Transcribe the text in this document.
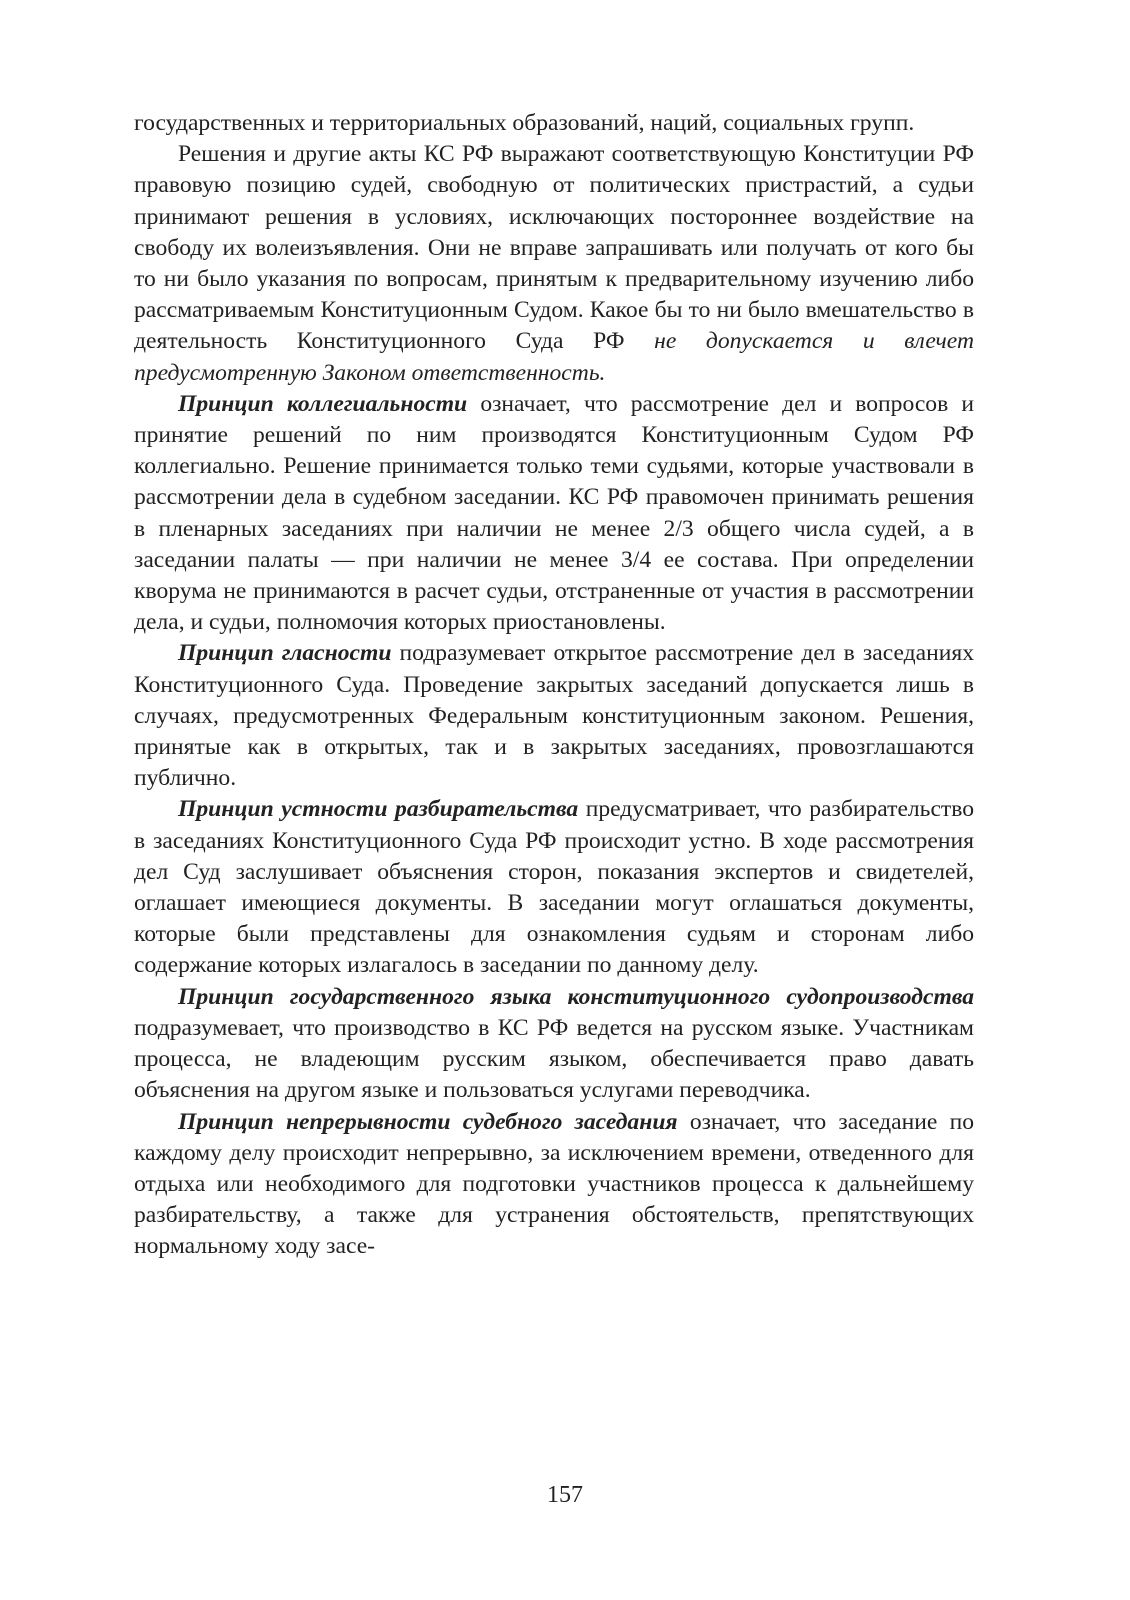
государственных и территориальных образований, наций, социальных групп.

Решения и другие акты КС РФ выражают соответствующую Конституции РФ правовую позицию судей, свободную от политических пристрастий, а судьи принимают решения в условиях, исключающих постороннее воздействие на свободу их волеизъявления. Они не вправе запрашивать или получать от кого бы то ни было указания по вопросам, принятым к предварительному изучению либо рассматриваемым Конституционным Судом. Какое бы то ни было вмешательство в деятельность Конституционного Суда РФ не допускается и влечет предусмотренную Законом ответственность.

Принцип коллегиальности означает, что рассмотрение дел и вопросов и принятие решений по ним производятся Конституционным Судом РФ коллегиально. Решение принимается только теми судьями, которые участвовали в рассмотрении дела в судебном заседании. КС РФ правомочен принимать решения в пленарных заседаниях при наличии не менее 2/3 общего числа судей, а в заседании палаты — при наличии не менее 3/4 ее состава. При определении кворума не принимаются в расчет судьи, отстраненные от участия в рассмотрении дела, и судьи, полномочия которых приостановлены.

Принцип гласности подразумевает открытое рассмотрение дел в заседаниях Конституционного Суда. Проведение закрытых заседаний допускается лишь в случаях, предусмотренных Федеральным конституционным законом. Решения, принятые как в открытых, так и в закрытых заседаниях, провозглашаются публично.

Принцип устности разбирательства предусматривает, что разбирательство в заседаниях Конституционного Суда РФ происходит устно. В ходе рассмотрения дел Суд заслушивает объяснения сторон, показания экспертов и свидетелей, оглашает имеющиеся документы. В заседании могут оглашаться документы, которые были представлены для ознакомления судьям и сторонам либо содержание которых излагалось в заседании по данному делу.

Принцип государственного языка конституционного судопроизводства подразумевает, что производство в КС РФ ведется на русском языке. Участникам процесса, не владеющим русским языком, обеспечивается право давать объяснения на другом языке и пользоваться услугами переводчика.

Принцип непрерывности судебного заседания означает, что заседание по каждому делу происходит непрерывно, за исключением времени, отведенного для отдыха или необходимого для подготовки участников процесса к дальнейшему разбирательству, а также для устранения обстоятельств, препятствующих нормальному ходу засе-

157
